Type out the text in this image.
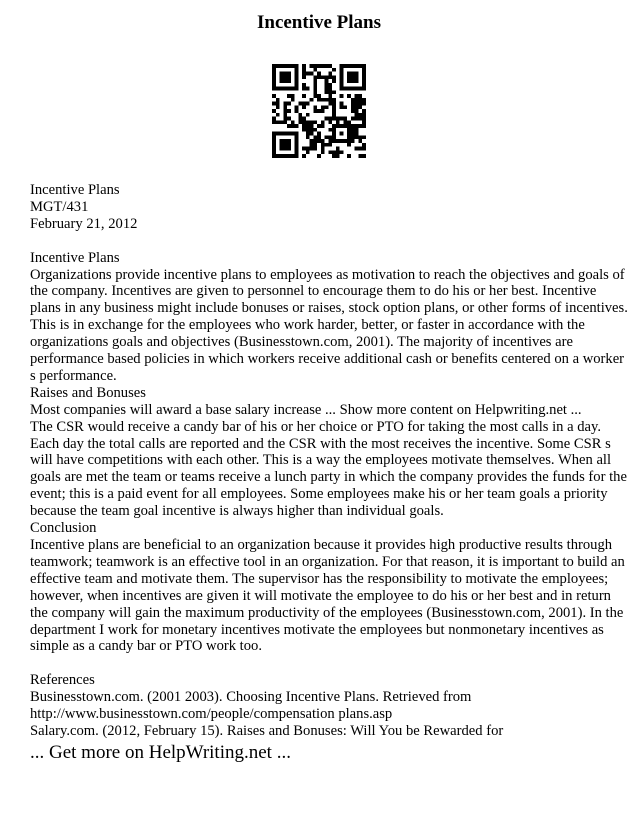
Incentive Plans
Incentive Plans
MGT/431
February 21, 2012
Incentive Plans
Organizations provide incentive plans to employees as motivation to reach the objectives and goals of
the company. Incentives are given to personnel to encourage them to do his or her best. Incentive
plans in any business might include bonuses or raises, stock option plans, or other forms of incentives.
This is in exchange for the employees who work harder, better, or faster in accordance with the
organizations goals and objectives (Businesstown.com, 2001). The majority of incentives are
performance based policies in which workers receive additional cash or benefits centered on a worker
s performance.
Raises and Bonuses
Most companies will award a base salary increase ... Show more content on Helpwriting.net ...
The CSR would receive a candy bar of his or her choice or PTO for taking the most calls in a day.
Each day the total calls are reported and the CSR with the most receives the incentive. Some CSR s
will have competitions with each other. This is a way the employees motivate themselves. When all
goals are met the team or teams receive a lunch party in which the company provides the funds for the
event; this is a paid event for all employees. Some employees make his or her team goals a priority
because the team goal incentive is always higher than individual goals.
Conclusion
Incentive plans are beneficial to an organization because it provides high productive results through
teamwork; teamwork is an effective tool in an organization. For that reason, it is important to build an
effective team and motivate them. The supervisor has the responsibility to motivate the employees;
however, when incentives are given it will motivate the employee to do his or her best and in return
the company will gain the maximum productivity of the employees (Businesstown.com, 2001). In the
department I work for monetary incentives motivate the employees but nonmonetary incentives as
simple as a candy bar or PTO work too.
References
Businesstown.com. (2001 2003). Choosing Incentive Plans. Retrieved from
http://www.businesstown.com/people/compensation plans.asp
Salary.com. (2012, February 15). Raises and Bonuses: Will You be Rewarded for
... Get more on HelpWriting.net ...
